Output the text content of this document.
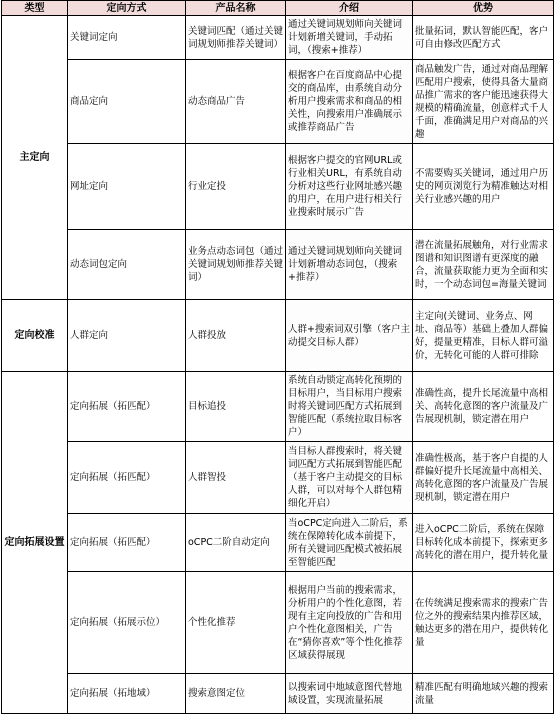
类型	定向方式	产品名称	介绍	优势
主定向	关键词定向	关键词匹配（通过关键词规划师推荐关键词）	通过关键词规划师向关键词计划新增关键词，手动拓词，（搜索+推荐）	批量拓词，默认智能匹配，客户可自由修改匹配方式
	商品定向	动态商品广告	根据客户在百度商品中心提交的商品库，由系统自动分析用户搜索需求和商品的相关性，向搜索用户准确展示或推荐商品广告	商品触发广告，通过对商品理解匹配用户搜索，使得具备大量商品推广需求的客户能迅速获得大规模的精确流量，创意样式千人千面，准确满足用户对商品的兴趣
	网址定向	行业定投	根据客户提交的官网URL或行业相关URL，有系统自动分析对这些行业网址感兴趣的用户，在用户进行相关行业搜索时展示广告	不需要购买关键词，通过用户历史的网页浏览行为精准触达对相关行业感兴趣的用户
	动态词包定向	业务点动态词包（通过关键词规划师推荐关键词）	通过关键词规划师向关键词计划新增动态词包，（搜索+推荐）	潜在流量拓展触角，对行业需求图谱和知识图谱有更深度的融合，流量获取能力更为全面和实时，一个动态词包=海量关键词
定向校准	人群定向	人群投放	人群+搜索词双引擎（客户主动提交目标人群）	主定向(关键词、业务点、网址、商品等）基础上叠加人群偏好，提量更精准，目标人群可溢价，无转化可能的人群可排除
定向拓展设置	定向拓展（拓匹配）	目标追投	系统自动锁定高转化预期的目标用户，当目标用户搜索时将关键词匹配方式拓展到智能匹配（系统拉取目标客户）	准确性高，提升长尾流量中高相关、高转化意图的客户流量及广告展现机制，锁定潜在用户
	定向拓展（拓匹配）	人群智投	当目标人群搜索时，将关键词匹配方式拓展到智能匹配（基于客户主动提交的目标人群，可以对每个人群包精细化开启）	准确性极高，基于客户自提的人群偏好提升长尾流量中高相关、高转化意图的客户流量及广告展现机制，锁定潜在用户
	定向拓展（拓匹配）	oCPC二阶自动定向	当oCPC定向进入二阶后，系统在保障转化成本前提下，所有关键词匹配模式被拓展至智能匹配	进入oCPC二阶后，系统在保障目标转化成本前提下，探索更多高转化的潜在用户，提升转化量
	定向拓展（拓展示位）	个性化推荐	根据用户当前的搜索需求，分析用户的个性化意图，若现有主定向投放的广告和用户个性化意图相关，广告在“猜你喜欢”等个性化推荐区域获得展现	在传统满足搜索需求的搜索广告位之外的搜索结果内推荐区域，触达更多的潜在用户，提供转化量
	定向拓展（拓地域）	搜索意图定位	以搜索词中地域意图代替地域设置，实现流量拓展	精准匹配有明确地域兴趣的搜索流量
